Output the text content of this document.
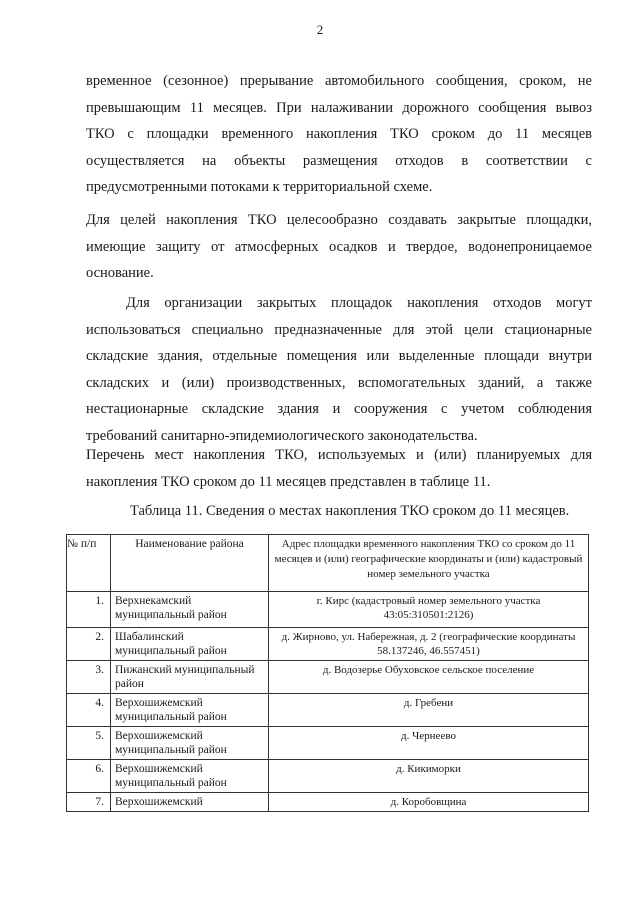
2
временное (сезонное) прерывание автомобильного сообщения, сроком, не
превышающим 11 месяцев. При налаживании дорожного сообщения вывоз
ТКО с площадки временного накопления ТКО сроком до 11 месяцев
осуществляется на объекты размещения отходов в соответствии с
предусмотренными потоками к территориальной схеме.
Для целей накопления ТКО целесообразно создавать закрытые площадки,
имеющие защиту от атмосферных осадков и твердое, водонепроницаемое
основание.
Для организации закрытых площадок накопления отходов могут
использоваться специально предназначенные для этой цели стационарные
складские здания, отдельные помещения или выделенные площади внутри
складских и (или) производственных, вспомогательных зданий, а также
нестационарные складские здания и сооружения с учетом соблюдения
требований санитарно-эпидемиологического законодательства.
Перечень мест накопления ТКО, используемых и (или) планируемых для
накопления ТКО сроком до 11 месяцев представлен в таблице 11.
Таблица 11. Сведения о местах накопления ТКО сроком до 11 месяцев.
№ п/п	Наименование района	Адрес площадки временного накопления ТКО со сроком до 11 месяцев и (или) географические координаты и (или) кадастровый номер земельного участка
1.	Верхнекамский муниципальный район	г. Кирс (кадастровый номер земельного участка 43:05:310501:2126)
2.	Шабалинский муниципальный район	д. Жирново, ул. Набережная, д. 2 (географические координаты 58.137246, 46.557451)
3.	Пижанский муниципальный район	д. Водозерье Обуховское сельское поселение
4.	Верхошижемский муниципальный район	д. Гребени
5.	Верхошижемский муниципальный район	д. Чернеево
6.	Верхошижемский муниципальный район	д. Кикиморки
7.	Верхошижемский	д. Коробовщина
